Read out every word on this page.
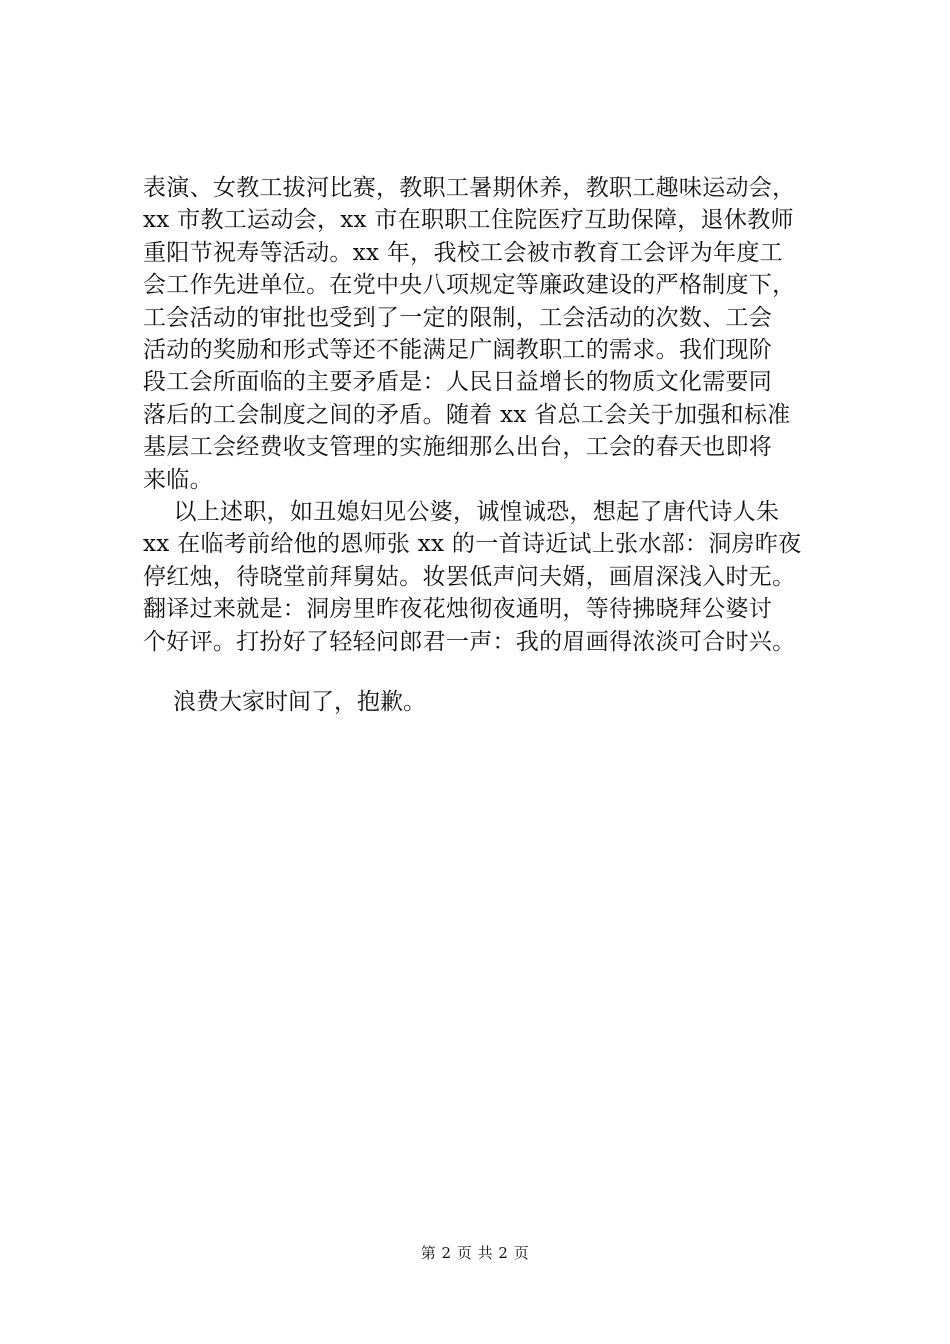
表演、女教工拔河比赛，教职工暑期休养，教职工趣味运动会，
xx 市教工运动会，xx 市在职职工住院医疗互助保障，退休教师
重阳节祝寿等活动。xx 年，我校工会被市教育工会评为年度工
会工作先进单位。在党中央八项规定等廉政建设的严格制度下，
工会活动的审批也受到了一定的限制，工会活动的次数、工会
活动的奖励和形式等还不能满足广阔教职工的需求。我们现阶
段工会所面临的主要矛盾是：人民日益增长的物质文化需要同
落后的工会制度之间的矛盾。随着 xx 省总工会关于加强和标准
基层工会经费收支管理的实施细那么出台，工会的春天也即将
来临。

以上述职，如丑媳妇见公婆，诚惶诚恐，想起了唐代诗人朱
xx 在临考前给他的恩师张 xx 的一首诗近试上张水部：洞房昨夜
停红烛，待晓堂前拜舅姑。妆罢低声问夫婿，画眉深浅入时无。
翻译过来就是：洞房里昨夜花烛彻夜通明，等待拂晓拜公婆讨
个好评。打扮好了轻轻问郎君一声：我的眉画得浓淡可合时兴。

浪费大家时间了，抱歉。

第 2 页 共 2 页
